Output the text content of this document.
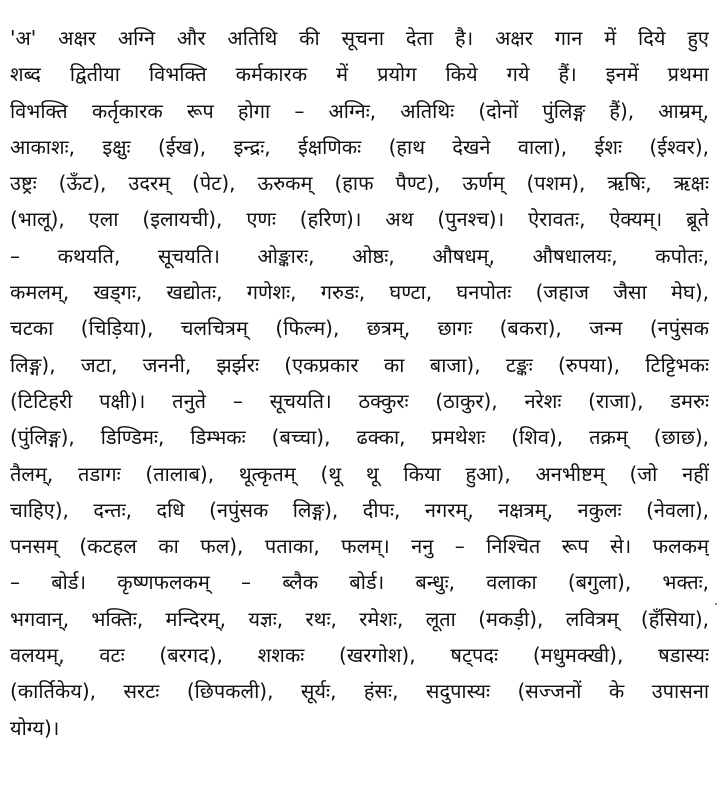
'अ' अक्षर अग्नि और अतिथि की सूचना देता है। अक्षर गान में दिये हुए
शब्द द्वितीया विभक्ति कर्मकारक में प्रयोग किये गये हैं। इनमें प्रथमा
विभक्ति कर्तृकारक रूप होगा – अग्निः, अतिथिः (दोनों पुंलिङ्ग हैं), आम्रम्,
आकाशः, इक्षुः (ईख), इन्द्रः, ईक्षणिकः (हाथ देखने वाला), ईशः (ईश्वर),
उष्ट्रः (ऊँट), उदरम् (पेट), ऊरुकम् (हाफ पैण्ट), ऊर्णम् (पशम), ऋषिः, ऋक्षः
(भालू), एला (इलायची), एणः (हरिण)। अथ (पुनश्च)। ऐरावतः, ऐक्यम्। ब्रूते
– कथयति, सूचयति। ओङ्कारः, ओष्ठः, औषधम्, औषधालयः, कपोतः,
कमलम्, खड्गः, खद्योतः, गणेशः, गरुडः, घण्टा, घनपोतः (जहाज जैसा मेघ),
चटका (चिड़िया), चलचित्रम् (फिल्म), छत्रम्, छागः (बकरा), जन्म (नपुंसक
लिङ्ग), जटा, जननी, झर्झरः (एकप्रकार का बाजा), टङ्कः (रुपया), टिट्टिभकः
(टिटिहरी पक्षी)। तनुते – सूचयति। ठक्कुरः (ठाकुर), नरेशः (राजा), डमरुः
(पुंलिङ्ग), डिण्डिमः, डिम्भकः (बच्चा), ढक्का, प्रमथेशः (शिव), तक्रम् (छाछ),
तैलम्, तडागः (तालाब), थूत्कृतम् (थू थू किया हुआ), अनभीष्टम् (जो नहीं
चाहिए), दन्तः, दधि (नपुंसक लिङ्ग), दीपः, नगरम्, नक्षत्रम्, नकुलः (नेवला),
पनसम् (कटहल का फल), पताका, फलम्। ननु – निश्चित रूप से। फलकम्
– बोर्ड। कृष्णफलकम् – ब्लैक बोर्ड। बन्धुः, वलाका (बगुला), भक्तः,
भगवान्, भक्तिः, मन्दिरम्, यज्ञः, रथः, रमेशः, लूता (मकड़ी), लवित्रम् (हँसिया),
वलयम्, वटः (बरगद), शशकः (खरगोश), षट्पदः (मधुमक्खी), षडास्यः
(कार्तिकेय), सरटः (छिपकली), सूर्यः, हंसः, सदुपास्यः (सज्जनों के उपासना
योग्य)।
